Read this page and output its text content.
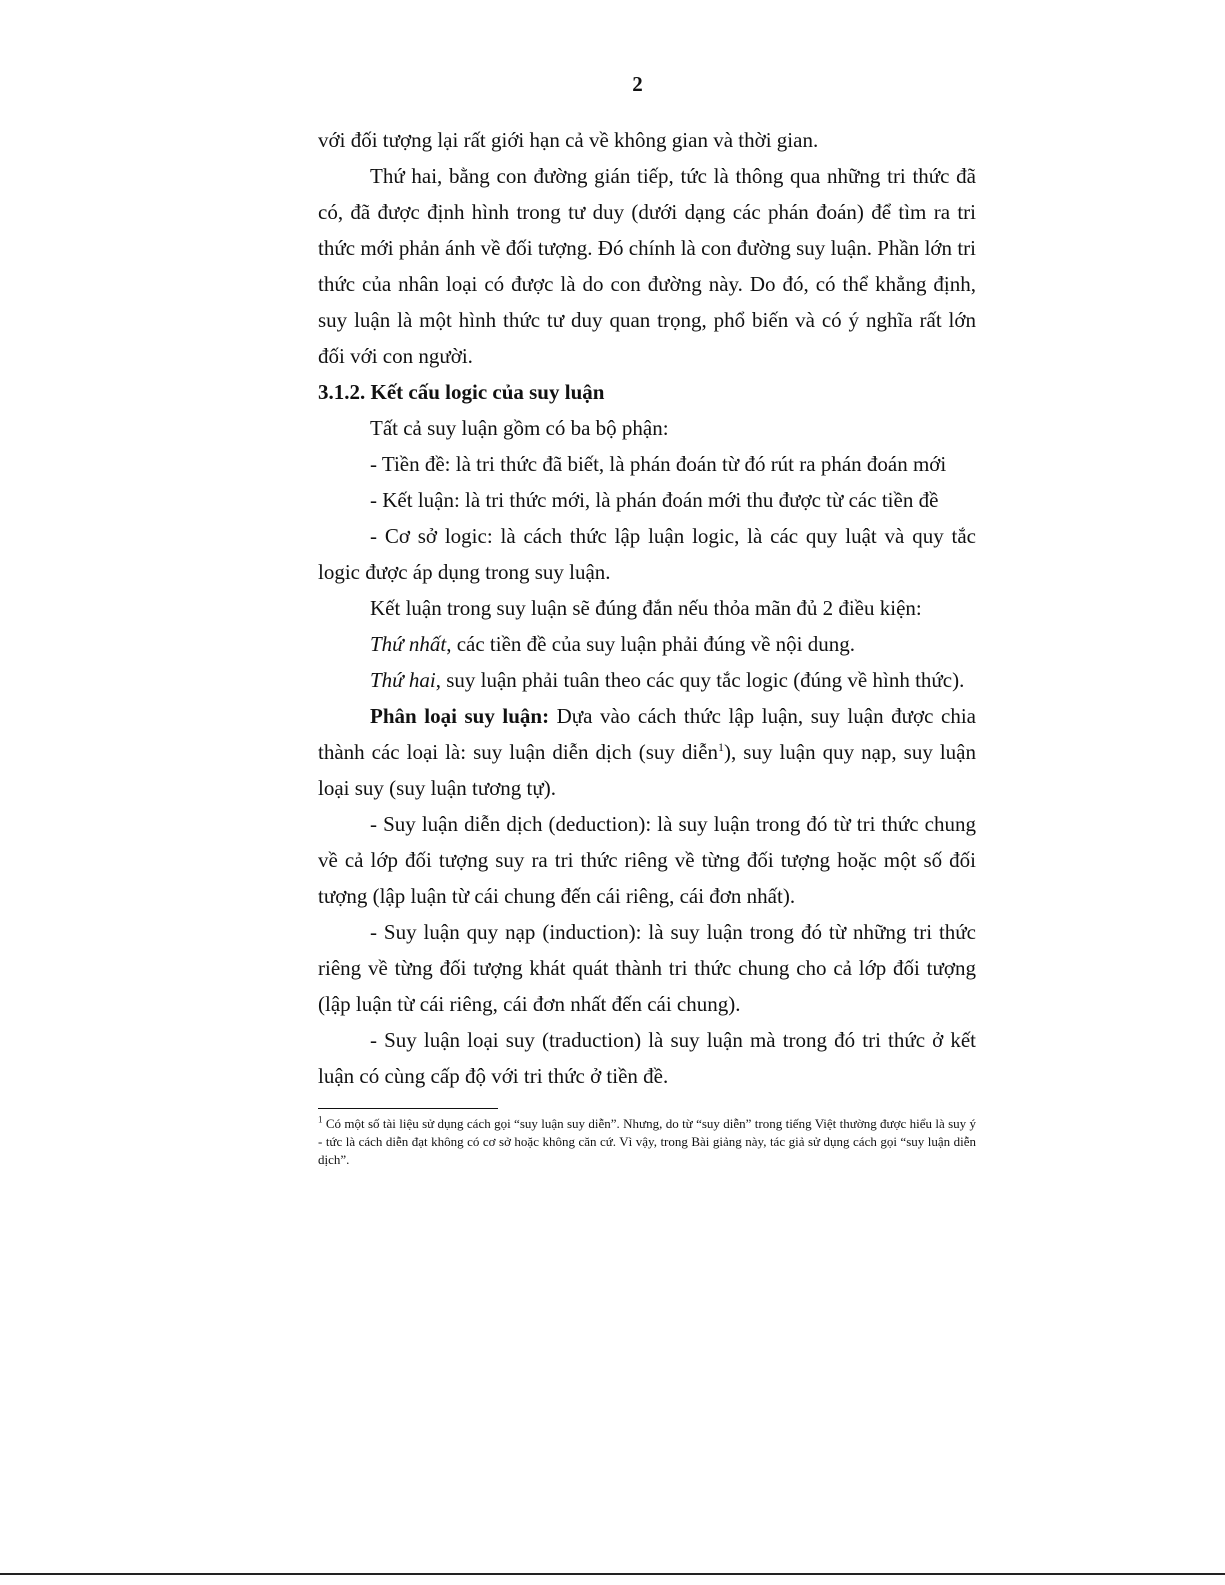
2

với đối tượng lại rất giới hạn cả về không gian và thời gian.

Thứ hai, bằng con đường gián tiếp, tức là thông qua những tri thức đã có, đã được định hình trong tư duy (dưới dạng các phán đoán) để tìm ra tri thức mới phản ánh về đối tượng. Đó chính là con đường suy luận. Phần lớn tri thức của nhân loại có được là do con đường này. Do đó, có thể khẳng định, suy luận là một hình thức tư duy quan trọng, phổ biến và có ý nghĩa rất lớn đối với con người.

3.1.2. Kết cấu logic của suy luận

Tất cả suy luận gồm có ba bộ phận:

- Tiền đề: là tri thức đã biết, là phán đoán từ đó rút ra phán đoán mới

- Kết luận: là tri thức mới, là phán đoán mới thu được từ các tiền đề

- Cơ sở logic: là cách thức lập luận logic, là các quy luật và quy tắc logic được áp dụng trong suy luận.

Kết luận trong suy luận sẽ đúng đắn nếu thỏa mãn đủ 2 điều kiện:

Thứ nhất, các tiền đề của suy luận phải đúng về nội dung.

Thứ hai, suy luận phải tuân theo các quy tắc logic (đúng về hình thức).

Phân loại suy luận: Dựa vào cách thức lập luận, suy luận được chia thành các loại là: suy luận diễn dịch (suy diễn$^1$), suy luận quy nạp, suy luận loại suy (suy luận tương tự).

- Suy luận diễn dịch (deduction): là suy luận trong đó từ tri thức chung về cả lớp đối tượng suy ra tri thức riêng về từng đối tượng hoặc một số đối tượng (lập luận từ cái chung đến cái riêng, cái đơn nhất).

- Suy luận quy nạp (induction): là suy luận trong đó từ những tri thức riêng về từng đối tượng khát quát thành tri thức chung cho cả lớp đối tượng (lập luận từ cái riêng, cái đơn nhất đến cái chung).

- Suy luận loại suy (traduction) là suy luận mà trong đó tri thức ở kết luận có cùng cấp độ với tri thức ở tiền đề.

$^1$ Có một số tài liệu sử dụng cách gọi “suy luận suy diễn”. Nhưng, do từ “suy diễn” trong tiếng Việt thường được hiểu là suy ý - tức là cách diễn đạt không có cơ sở hoặc không căn cứ. Vì vậy, trong Bài giảng này, tác giả sử dụng cách gọi “suy luận diễn dịch”.
